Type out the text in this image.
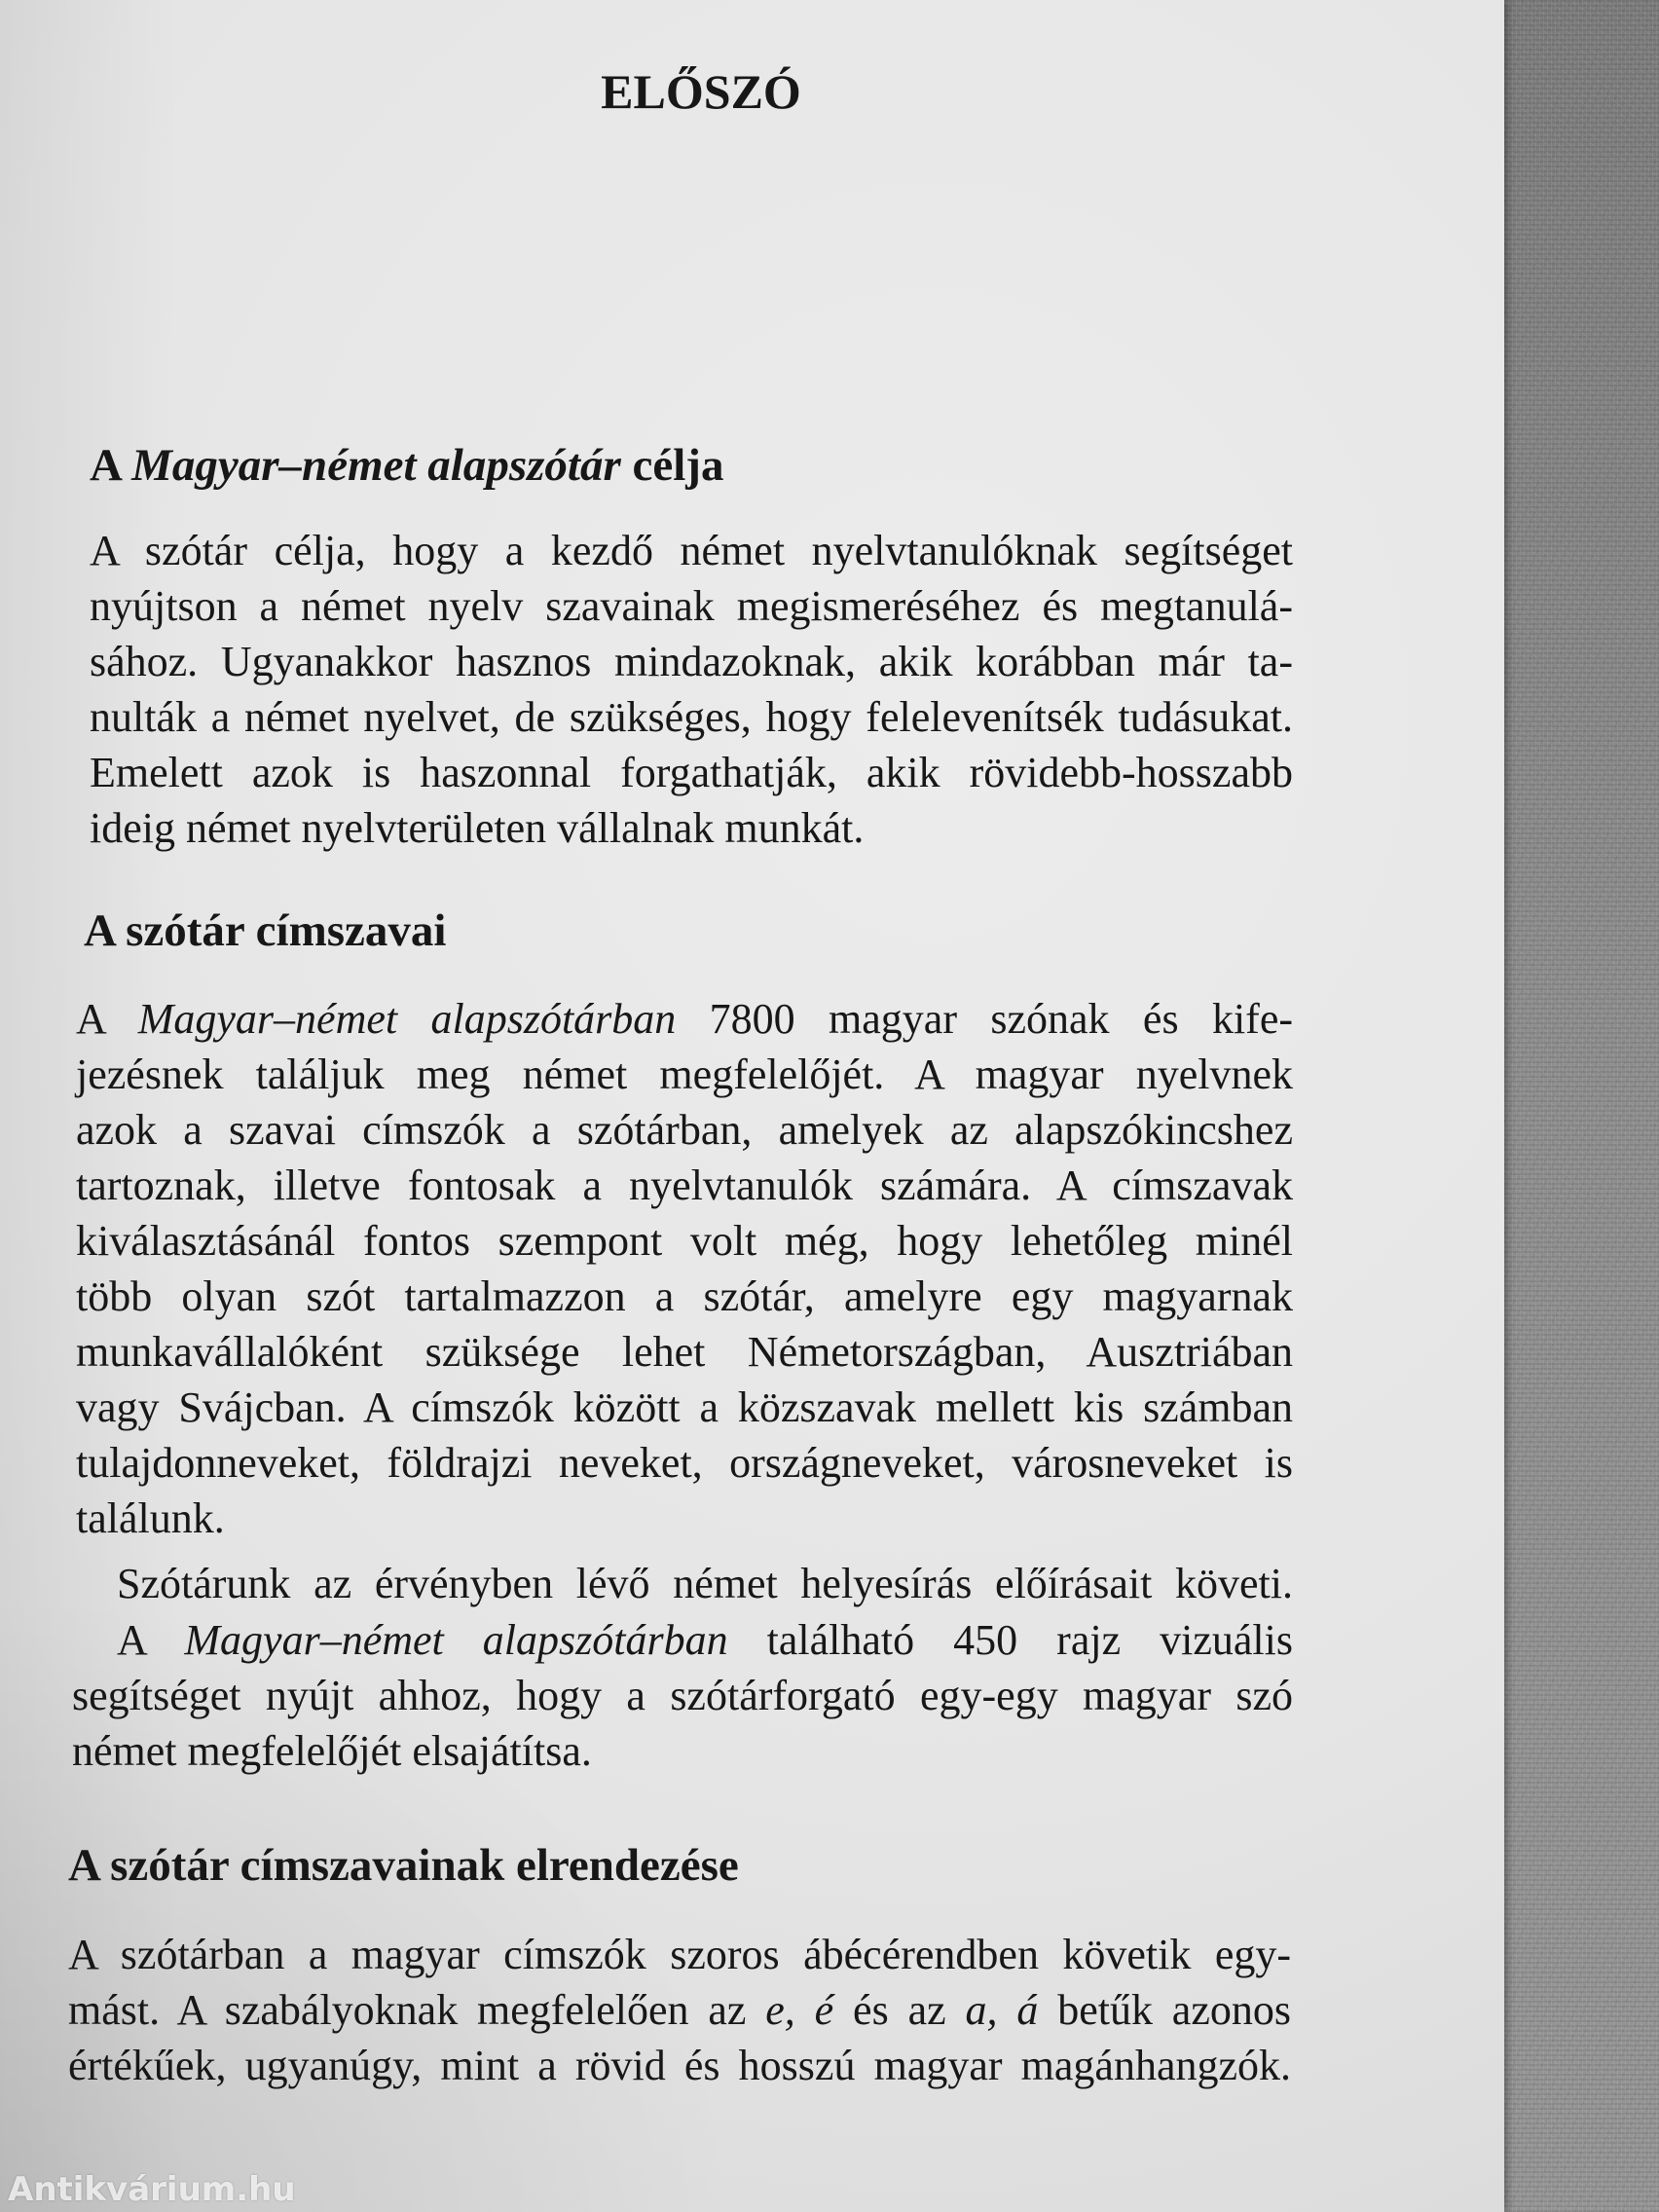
ELŐSZÓ
A Magyar–német alapszótár célja
A szótár célja, hogy a kezdő német nyelvtanulóknak segítséget
nyújtson a német nyelv szavainak megismeréséhez és megtanulá-
sához. Ugyanakkor hasznos mindazoknak, akik korábban már ta-
nulták a német nyelvet, de szükséges, hogy felelevenítsék tudásukat.
Emelett azok is haszonnal forgathatják, akik rövidebb-hosszabb
ideig német nyelvterületen vállalnak munkát.
A szótár címszavai
A Magyar–német alapszótárban 7800 magyar szónak és kife-
jezésnek találjuk meg német megfelelőjét. A magyar nyelvnek
azok a szavai címszók a szótárban, amelyek az alapszókincshez
tartoznak, illetve fontosak a nyelvtanulók számára. A címszavak
kiválasztásánál fontos szempont volt még, hogy lehetőleg minél
több olyan szót tartalmazzon a szótár, amelyre egy magyarnak
munkavállalóként szüksége lehet Németországban, Ausztriában
vagy Svájcban. A címszók között a közszavak mellett kis számban
tulajdonneveket, földrajzi neveket, országneveket, városneveket is
találunk.
Szótárunk az érvényben lévő német helyesírás előírásait követi.
A Magyar–német alapszótárban található 450 rajz vizuális
segítséget nyújt ahhoz, hogy a szótárforgató egy-egy magyar szó
német megfelelőjét elsajátítsa.
A szótár címszavainak elrendezése
A szótárban a magyar címszók szoros ábécérendben követik egy-
mást. A szabályoknak megfelelően az e, é és az a, á betűk azonos
értékűek, ugyanúgy, mint a rövid és hosszú magyar magánhangzók.
Antikvárium.hu
